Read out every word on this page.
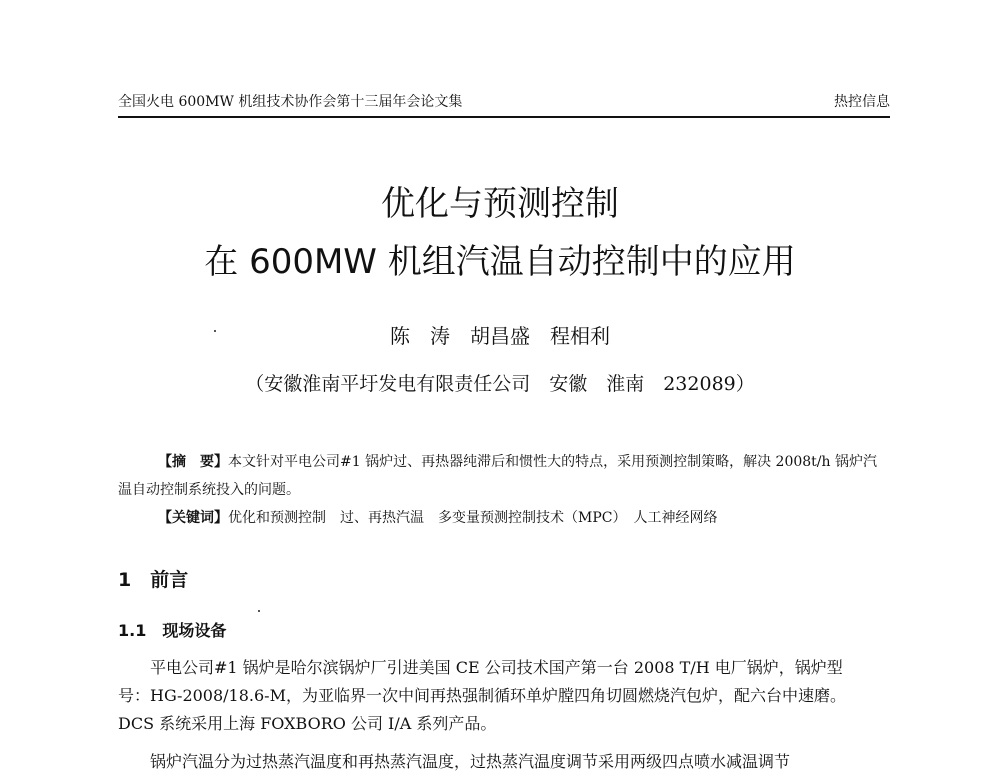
全国火电 600MW 机组技术协作会第十三届年会论文集	热控信息
优化与预测控制
在 600MW 机组汽温自动控制中的应用
陈　涛　胡昌盛　程相利
（安徽淮南平圩发电有限责任公司　安徽　淮南　232089）

【摘　要】本文针对平电公司#1 锅炉过、再热器纯滞后和惯性大的特点，采用预测控制策略，解决 2008t/h 锅炉汽温自动控制系统投入的问题。

【关键词】优化和预测控制　过、再热汽温　多变量预测控制技术（MPC）　人工神经网络
1　前言
1.1　现场设备
平电公司#1 锅炉是哈尔滨锅炉厂引进美国 CE 公司技术国产第一台 2008 T/H 电厂锅炉，锅炉型
号：HG-2008/18.6-M，为亚临界一次中间再热强制循环单炉膛四角切圆燃烧汽包炉，配六台中速磨。
DCS 系统采用上海 FOXBORO 公司 I/A 系列产品。
锅炉汽温分为过热蒸汽温度和再热蒸汽温度，过热蒸汽温度调节采用两级四点喷水减温调节
